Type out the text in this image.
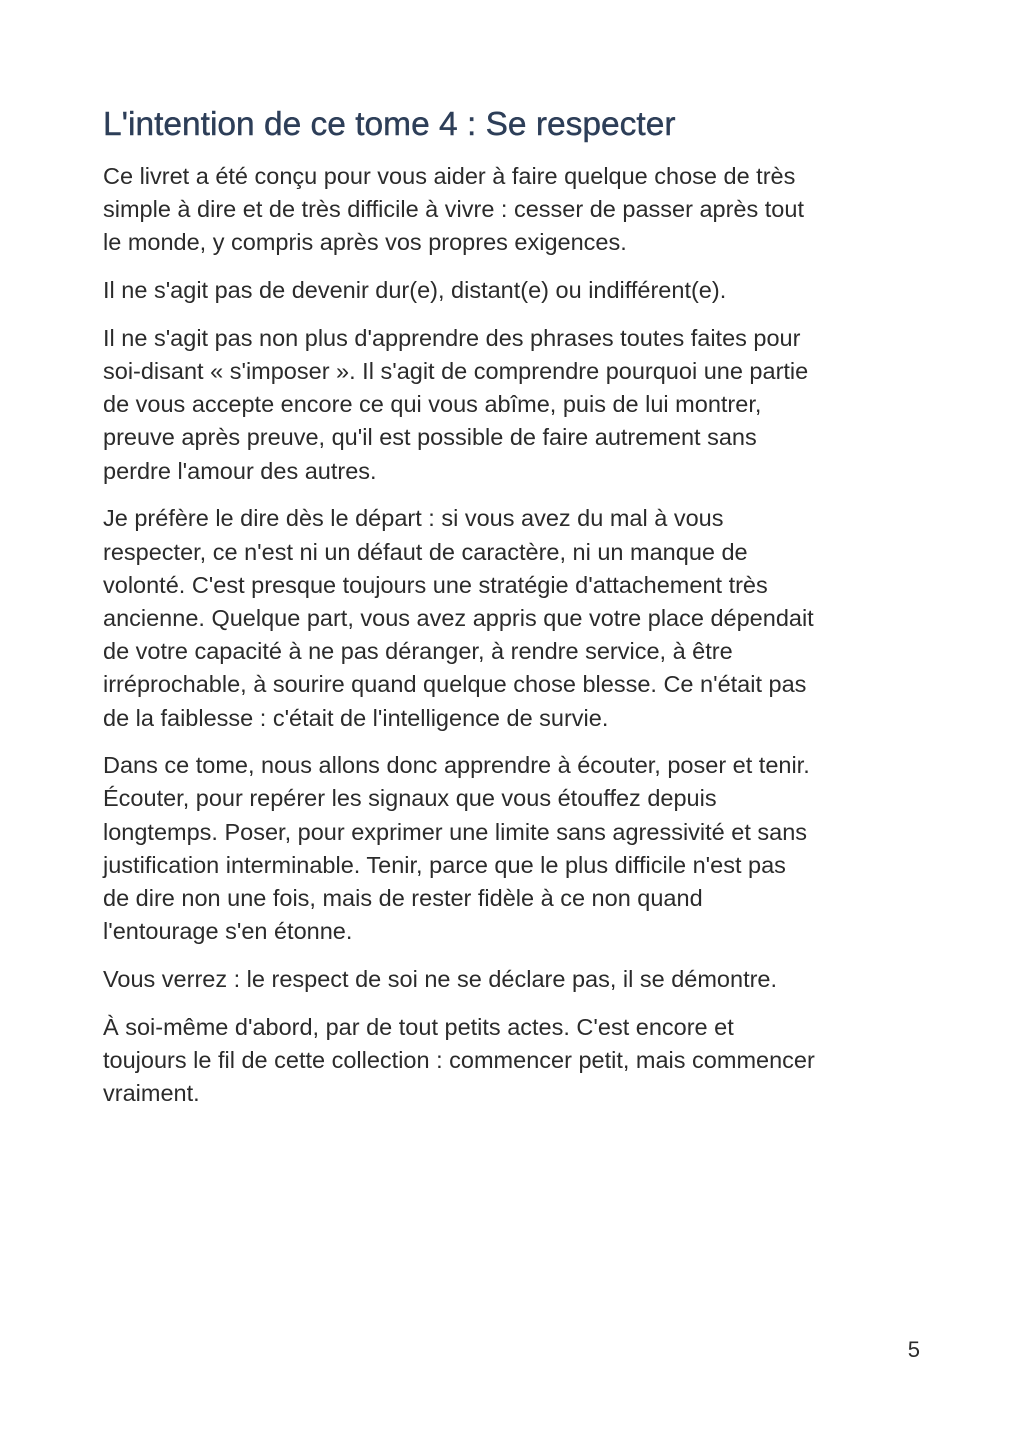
L'intention de ce tome 4 : Se respecter

Ce livret a été conçu pour vous aider à faire quelque chose de très
simple à dire et de très difficile à vivre : cesser de passer après tout
le monde, y compris après vos propres exigences.

Il ne s'agit pas de devenir dur(e), distant(e) ou indifférent(e).

Il ne s'agit pas non plus d'apprendre des phrases toutes faites pour
soi-disant « s'imposer ». Il s'agit de comprendre pourquoi une partie
de vous accepte encore ce qui vous abîme, puis de lui montrer,
preuve après preuve, qu'il est possible de faire autrement sans
perdre l'amour des autres.

Je préfère le dire dès le départ : si vous avez du mal à vous
respecter, ce n'est ni un défaut de caractère, ni un manque de
volonté. C'est presque toujours une stratégie d'attachement très
ancienne. Quelque part, vous avez appris que votre place dépendait
de votre capacité à ne pas déranger, à rendre service, à être
irréprochable, à sourire quand quelque chose blesse. Ce n'était pas
de la faiblesse : c'était de l'intelligence de survie.

Dans ce tome, nous allons donc apprendre à écouter, poser et tenir.
Écouter, pour repérer les signaux que vous étouffez depuis
longtemps. Poser, pour exprimer une limite sans agressivité et sans
justification interminable. Tenir, parce que le plus difficile n'est pas
de dire non une fois, mais de rester fidèle à ce non quand
l'entourage s'en étonne.

Vous verrez : le respect de soi ne se déclare pas, il se démontre.

À soi-même d'abord, par de tout petits actes. C'est encore et
toujours le fil de cette collection : commencer petit, mais commencer
vraiment.

5
